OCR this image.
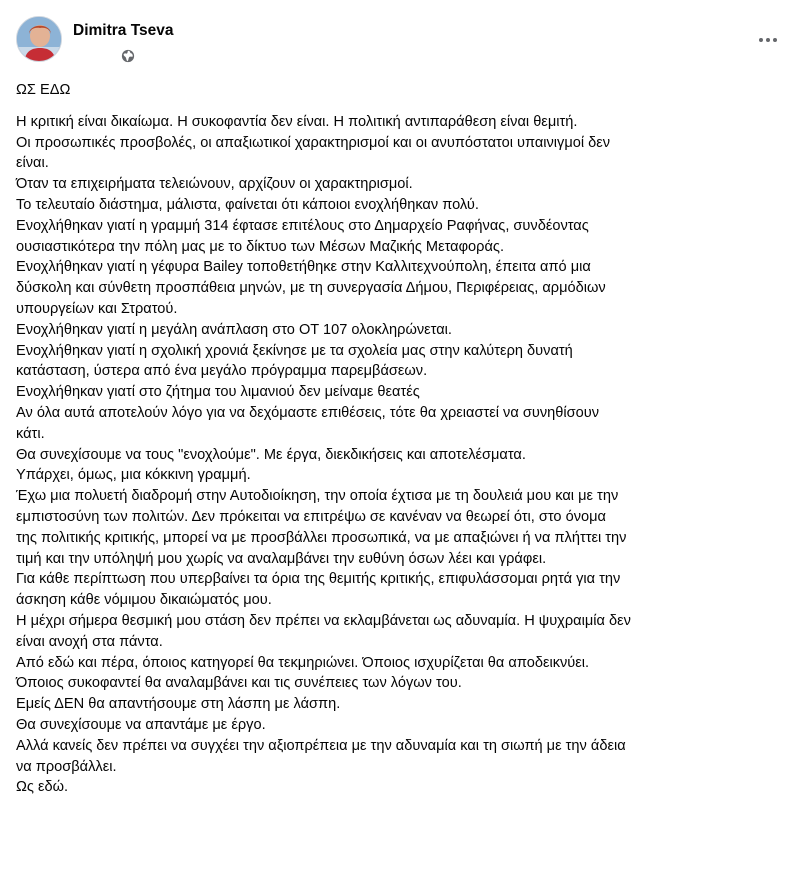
Dimitra Tseva

ΩΣ ΕΔΩ

Η κριτική είναι δικαίωμα. Η συκοφαντία δεν είναι. Η πολιτική αντιπαράθεση είναι θεμιτή.

Οι προσωπικές προσβολές, οι απαξιωτικοί χαρακτηρισμοί και οι ανυπόστατοι υπαινιγμοί δεν

είναι.

Όταν τα επιχειρήματα τελειώνουν, αρχίζουν οι χαρακτηρισμοί.

Το τελευταίο διάστημα, μάλιστα, φαίνεται ότι κάποιοι ενοχλήθηκαν πολύ.

Ενοχλήθηκαν γιατί η γραμμή 314 έφτασε επιτέλους στο Δημαρχείο Ραφήνας, συνδέοντας

ουσιαστικότερα την πόλη μας με το δίκτυο των Μέσων Μαζικής Μεταφοράς.

Ενοχλήθηκαν γιατί η γέφυρα Bailey τοποθετήθηκε στην Καλλιτεχνούπολη, έπειτα από μια

δύσκολη και σύνθετη προσπάθεια μηνών, με τη συνεργασία Δήμου, Περιφέρειας, αρμόδιων

υπουργείων και Στρατού.

Ενοχλήθηκαν γιατί η μεγάλη ανάπλαση στο ΟΤ 107 ολοκληρώνεται.

Ενοχλήθηκαν γιατί η σχολική χρονιά ξεκίνησε με τα σχολεία μας στην καλύτερη δυνατή

κατάσταση, ύστερα από ένα μεγάλο πρόγραμμα παρεμβάσεων.

Ενοχλήθηκαν γιατί στο ζήτημα του λιμανιού δεν μείναμε θεατές

Αν όλα αυτά αποτελούν λόγο για να δεχόμαστε επιθέσεις, τότε θα χρειαστεί να συνηθίσουν

κάτι.

Θα συνεχίσουμε να τους "ενοχλούμε". Με έργα, διεκδικήσεις και αποτελέσματα.

Υπάρχει, όμως, μια κόκκινη γραμμή.

Έχω μια πολυετή διαδρομή στην Αυτοδιοίκηση, την οποία έχτισα με τη δουλειά μου και με την

εμπιστοσύνη των πολιτών. Δεν πρόκειται να επιτρέψω σε κανέναν να θεωρεί ότι, στο όνομα

της πολιτικής κριτικής, μπορεί να με προσβάλλει προσωπικά, να με απαξιώνει ή να πλήττει την

τιμή και την υπόληψή μου χωρίς να αναλαμβάνει την ευθύνη όσων λέει και γράφει.

Για κάθε περίπτωση που υπερβαίνει τα όρια της θεμιτής κριτικής, επιφυλάσσομαι ρητά για την

άσκηση κάθε νόμιμου δικαιώματός μου.

Η μέχρι σήμερα θεσμική μου στάση δεν πρέπει να εκλαμβάνεται ως αδυναμία. Η ψυχραιμία δεν

είναι ανοχή στα πάντα.

Από εδώ και πέρα, όποιος κατηγορεί θα τεκμηριώνει. Όποιος ισχυρίζεται θα αποδεικνύει.

Όποιος συκοφαντεί θα αναλαμβάνει και τις συνέπειες των λόγων του.

Εμείς ΔΕΝ θα απαντήσουμε στη λάσπη με λάσπη.

Θα συνεχίσουμε να απαντάμε με έργο.

Αλλά κανείς δεν πρέπει να συγχέει την αξιοπρέπεια με την αδυναμία και τη σιωπή με την άδεια

να προσβάλλει.

Ως εδώ.
